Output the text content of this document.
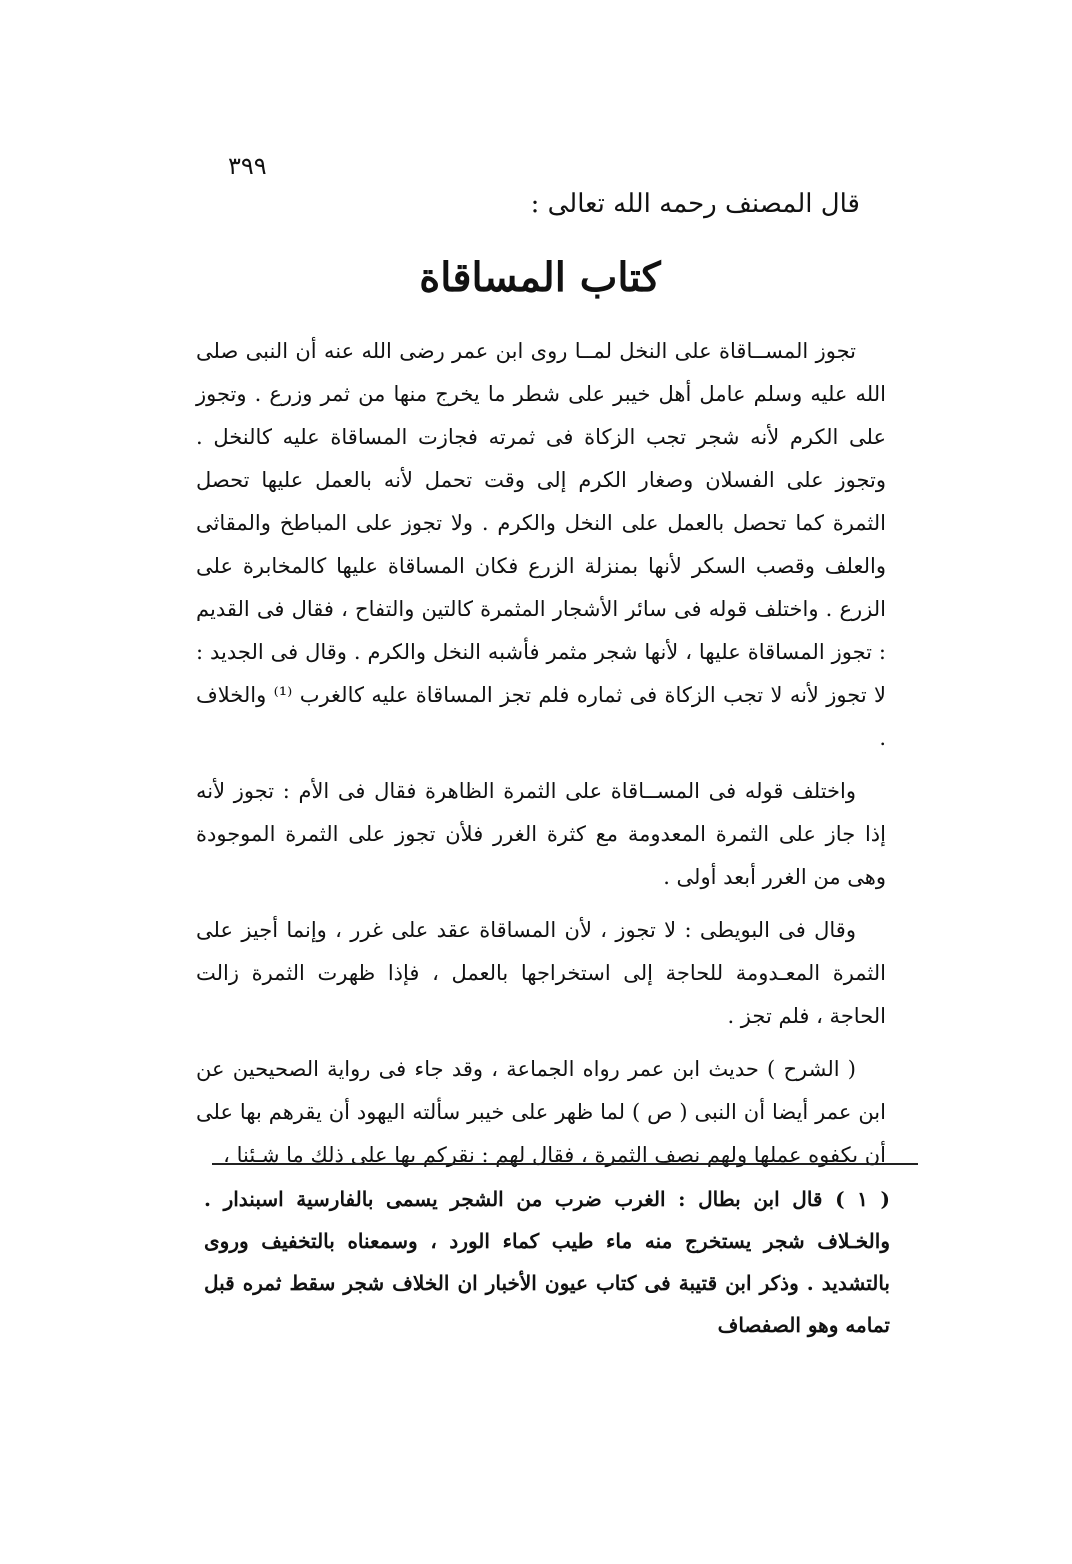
٣٩٩
قال المصنف رحمه الله تعالى :
كتاب المساقاة

تجوز المســاقاة على النخل لمــا روى ابن عمر رضى الله عنه أن النبى صلى الله عليه وسلم عامل أهل خيبر على شطر ما يخرج منها من ثمر وزرع . وتجوز على الكرم لأنه شجر تجب الزكاة فى ثمرته فجازت المساقاة عليه كالنخل . وتجوز على الفسلان وصغار الكرم إلى وقت تحمل لأنه بالعمل عليها تحصل الثمرة كما تحصل بالعمل على النخل والكرم . ولا تجوز على المباطخ والمقاثى والعلف وقصب السكر لأنها بمنزلة الزرع فكان المساقاة عليها كالمخابرة على الزرع . واختلف قوله فى سائر الأشجار المثمرة كالتين والتفاح ، فقال فى القديم : تجوز المساقاة عليها ، لأنها شجر مثمر فأشبه النخل والكرم . وقال فى الجديد : لا تجوز لأنه لا تجب الزكاة فى ثماره فلم تجز المساقاة عليه كالغرب ⁽¹⁾ والخلاف .

واختلف قوله فى المســاقاة على الثمرة الظاهرة فقال فى الأم : تجوز لأنه إذا جاز على الثمرة المعدومة مع كثرة الغرر فلأن تجوز على الثمرة الموجودة وهى من الغرر أبعد أولى .

وقال فى البويطى : لا تجوز ، لأن المساقاة عقد على غرر ، وإنما أجيز على الثمرة المعـدومة للحاجة إلى استخراجها بالعمل ، فإذا ظهرت الثمرة زالت الحاجة ، فلم تجز .

( الشرح ) حديث ابن عمر رواه الجماعة ، وقد جاء فى رواية الصحيحين عن ابن عمر أيضا أن النبى ( ص ) لما ظهر على خيبر سألته اليهود أن يقرهم بها على أن يكفوه عملها ولهم نصف الثمرة ، فقال لهم : نقركم بها على ذلك ما شـئنا ،

( ١ ) قال ابن بطال : الغرب ضرب من الشجر يسمى بالفارسية اسبندار . والخـلاف شجر يستخرج منه ماء طيب كماء الورد ، وسمعناه بالتخفيف وروى بالتشديد . وذكر ابن قتيبة فى كتاب عيون الأخبار ان الخلاف شجر سقط ثمره قبل تمامه وهو الصفصاف
